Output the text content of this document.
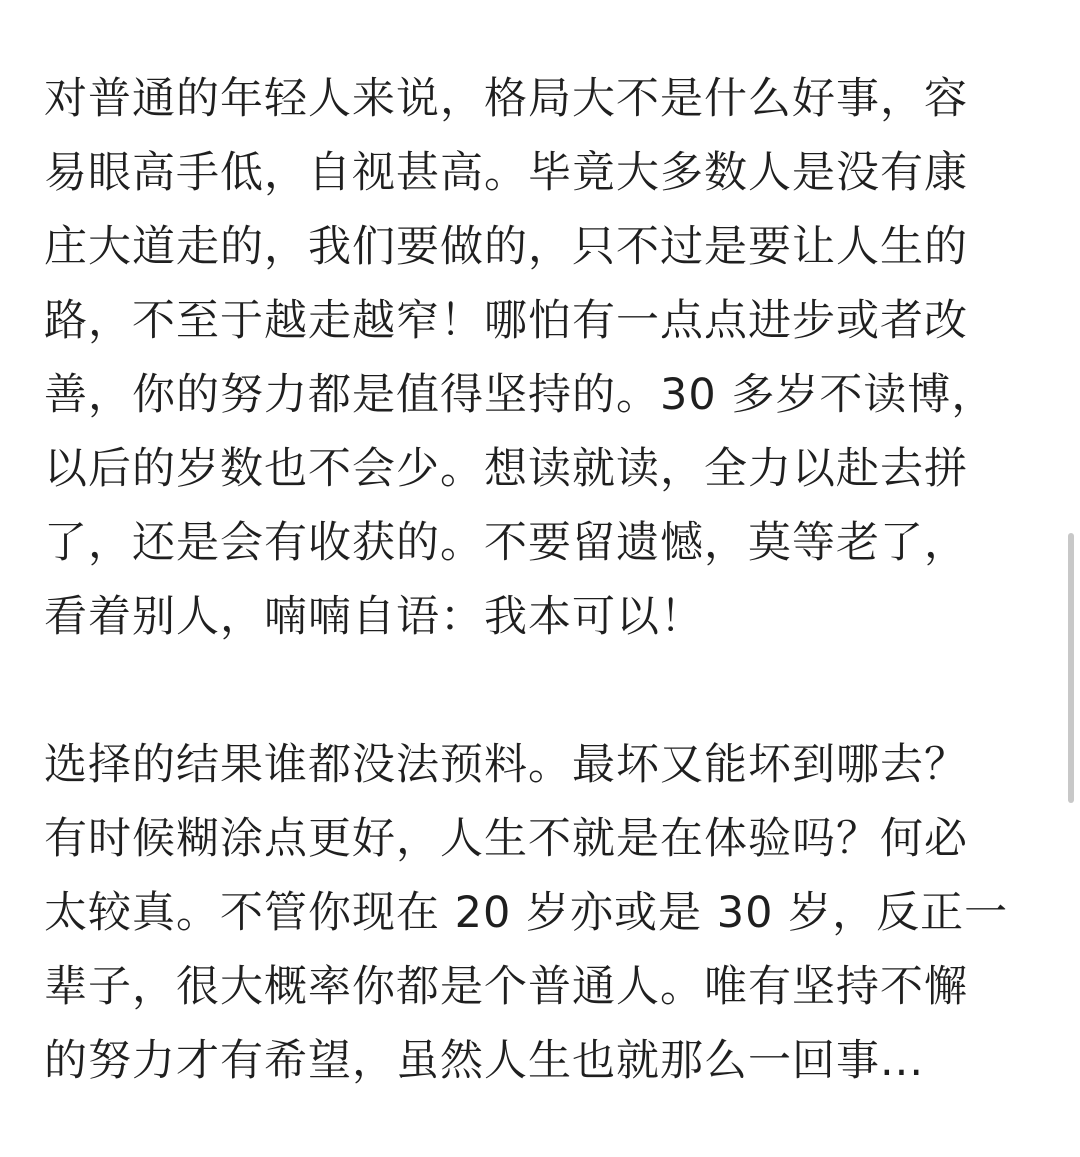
对普通的年轻人来说，格局大不是什么好事，容
易眼高手低，自视甚高。毕竟大多数人是没有康
庄大道走的，我们要做的，只不过是要让人生的
路，不至于越走越窄！哪怕有一点点进步或者改
善，你的努力都是值得坚持的。30 多岁不读博，
以后的岁数也不会少。想读就读，全力以赴去拼
了，还是会有收获的。不要留遗憾，莫等老了，
看着别人，喃喃自语：我本可以！

选择的结果谁都没法预料。最坏又能坏到哪去？
有时候糊涂点更好，人生不就是在体验吗？何必
太较真。不管你现在 20 岁亦或是 30 岁，反正一
辈子，很大概率你都是个普通人。唯有坚持不懈
的努力才有希望，虽然人生也就那么一回事...
